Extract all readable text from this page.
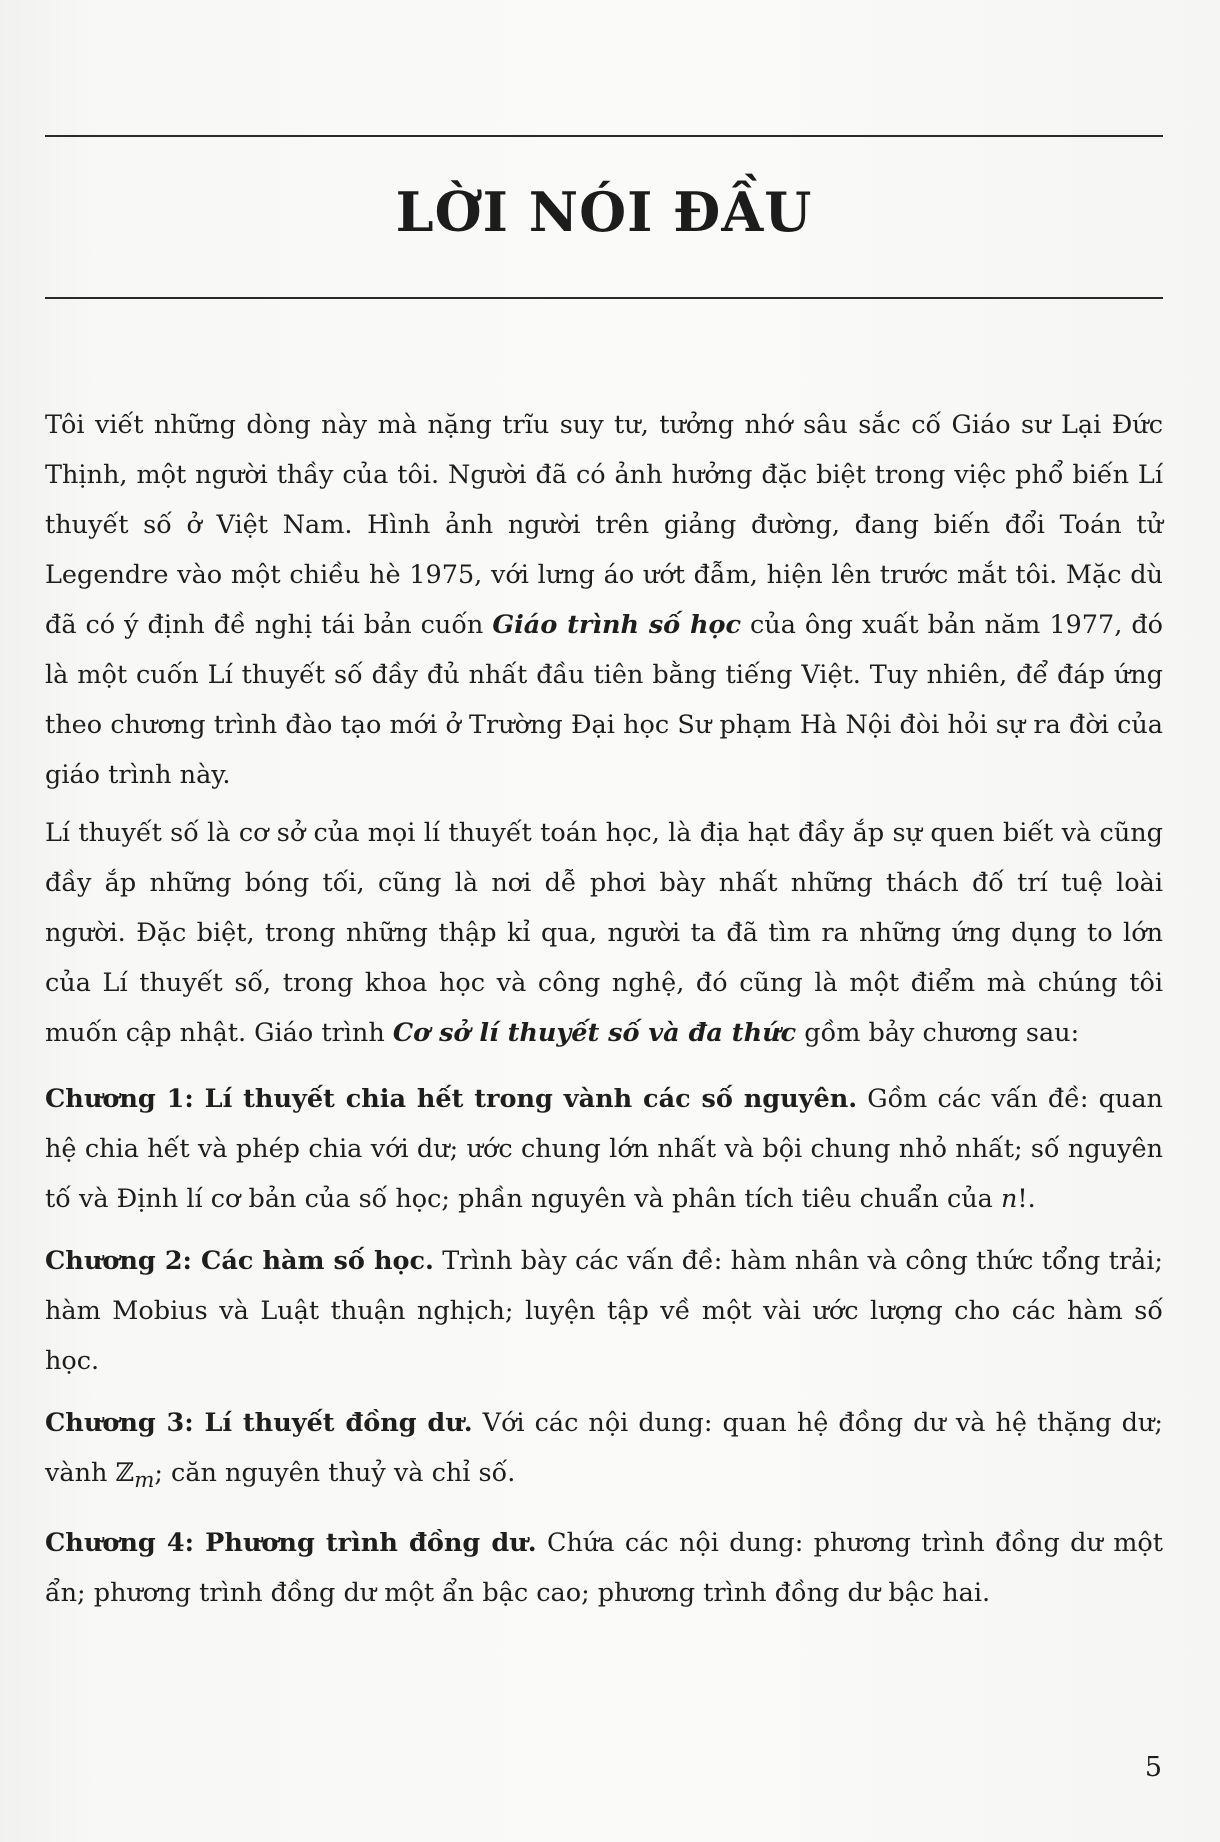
LỜI NÓI ĐẦU

Tôi viết những dòng này mà nặng trĩu suy tư, tưởng nhớ sâu sắc cố Giáo sư Lại Đức Thịnh, một người thầy của tôi. Người đã có ảnh hưởng đặc biệt trong việc phổ biến Lí thuyết số ở Việt Nam. Hình ảnh người trên giảng đường, đang biến đổi Toán tử Legendre vào một chiều hè 1975, với lưng áo ướt đẫm, hiện lên trước mắt tôi. Mặc dù đã có ý định đề nghị tái bản cuốn Giáo trình số học của ông xuất bản năm 1977, đó là một cuốn Lí thuyết số đầy đủ nhất đầu tiên bằng tiếng Việt. Tuy nhiên, để đáp ứng theo chương trình đào tạo mới ở Trường Đại học Sư phạm Hà Nội đòi hỏi sự ra đời của giáo trình này.

Lí thuyết số là cơ sở của mọi lí thuyết toán học, là địa hạt đầy ắp sự quen biết và cũng đầy ắp những bóng tối, cũng là nơi dễ phơi bày nhất những thách đố trí tuệ loài người. Đặc biệt, trong những thập kỉ qua, người ta đã tìm ra những ứng dụng to lớn của Lí thuyết số, trong khoa học và công nghệ, đó cũng là một điểm mà chúng tôi muốn cập nhật. Giáo trình Cơ sở lí thuyết số và đa thức gồm bảy chương sau:

Chương 1: Lí thuyết chia hết trong vành các số nguyên. Gồm các vấn đề: quan hệ chia hết và phép chia với dư; ước chung lớn nhất và bội chung nhỏ nhất; số nguyên tố và Định lí cơ bản của số học; phần nguyên và phân tích tiêu chuẩn của n!.

Chương 2: Các hàm số học. Trình bày các vấn đề: hàm nhân và công thức tổng trải; hàm Mobius và Luật thuận nghịch; luyện tập về một vài ước lượng cho các hàm số học.

Chương 3: Lí thuyết đồng dư. Với các nội dung: quan hệ đồng dư và hệ thặng dư; vành ℤ$_m$; căn nguyên thuỷ và chỉ số.

Chương 4: Phương trình đồng dư. Chứa các nội dung: phương trình đồng dư một ẩn; phương trình đồng dư một ẩn bậc cao; phương trình đồng dư bậc hai.

5
